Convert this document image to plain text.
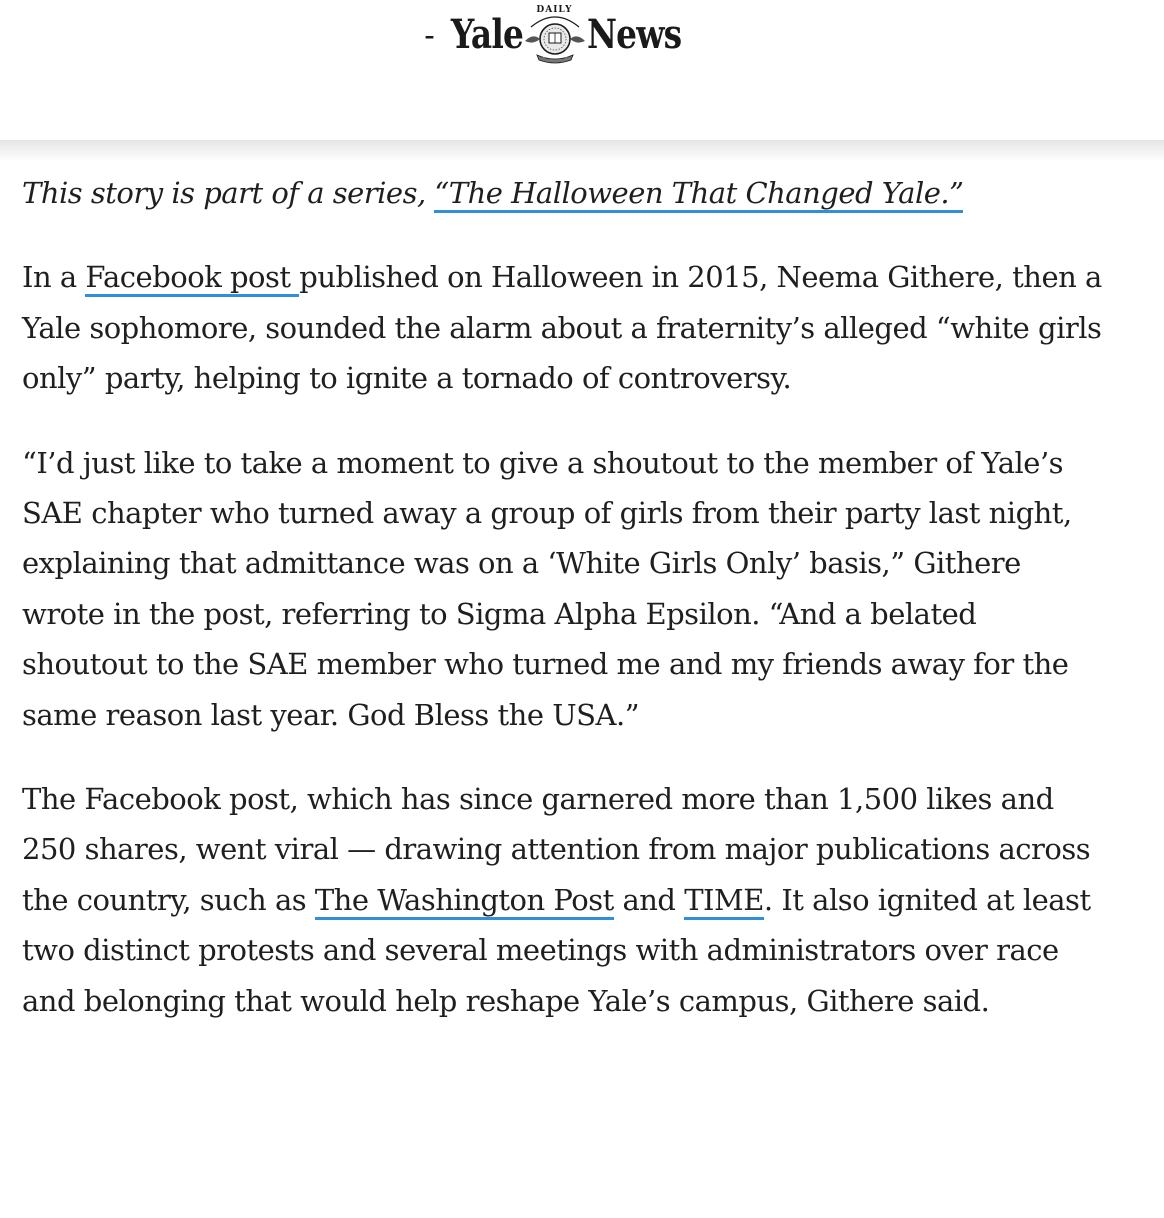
- Yale
DAILY
News

This story is part of a series, “The Halloween That Changed Yale.”

In a Facebook post published on Halloween in 2015, Neema Githere, then a Yale sophomore, sounded the alarm about a fraternity’s alleged “white girls only” party, helping to ignite a tornado of controversy.

“I’d just like to take a moment to give a shoutout to the member of Yale’s SAE chapter who turned away a group of girls from their party last night, explaining that admittance was on a ‘White Girls Only’ basis,” Githere wrote in the post, referring to Sigma Alpha Epsilon. “And a belated shoutout to the SAE member who turned me and my friends away for the same reason last year. God Bless the USA.”

The Facebook post, which has since garnered more than 1,500 likes and 250 shares, went viral — drawing attention from major publications across the country, such as The Washington Post and TIME. It also ignited at least two distinct protests and several meetings with administrators over race and belonging that would help reshape Yale’s campus, Githere said.
